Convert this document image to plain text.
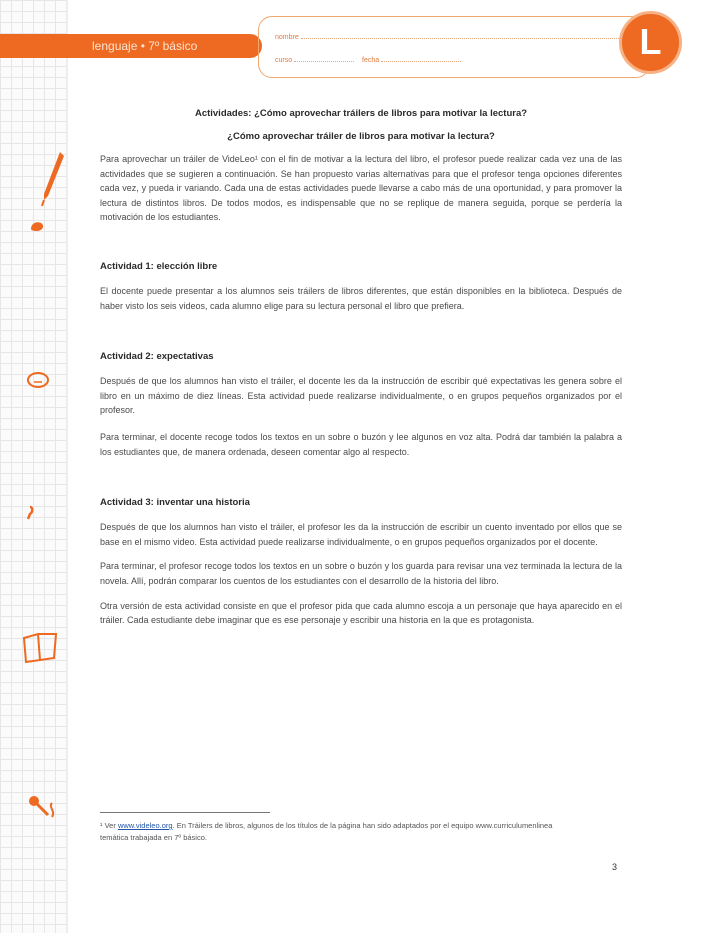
lenguaje • 7º básico
nombre
curso	fecha	L
Actividades: ¿Cómo aprovechar tráilers de libros para motivar la lectura?
¿Cómo aprovechar tráiler de libros para motivar la lectura?

Para aprovechar un tráiler de VideLeo¹ con el fin de motivar a la lectura del libro, el profesor puede realizar cada vez una de las actividades que se sugieren a continuación. Se han propuesto varias alternativas para que el profesor tenga opciones diferentes cada vez, y pueda ir variando. Cada una de estas actividades puede llevarse a cabo más de una oportunidad, y para promover la lectura de distintos libros. De todos modos, es indispensable que no se replique de manera seguida, porque se perdería la motivación de los estudiantes.

Actividad 1: elección libre

El docente puede presentar a los alumnos seis tráilers de libros diferentes, que están disponibles en la biblioteca. Después de haber visto los seis videos, cada alumno elige para su lectura personal el libro que prefiera.

Actividad 2: expectativas

Después de que los alumnos han visto el tráiler, el docente les da la instrucción de escribir qué expectativas les genera sobre el libro en un máximo de diez líneas. Esta actividad puede realizarse individualmente, o en grupos pequeños organizados por el profesor.

Para terminar, el docente recoge todos los textos en un sobre o buzón y lee algunos en voz alta. Podrá dar también la palabra a los estudiantes que, de manera ordenada, deseen comentar algo al respecto.

Actividad 3: inventar una historia

Después de que los alumnos han visto el tráiler, el profesor les da la instrucción de escribir un cuento inventado por ellos que se base en el mismo video. Esta actividad puede realizarse individualmente, o en grupos pequeños organizados por el docente.

Para terminar, el profesor recoge todos los textos en un sobre o buzón y los guarda para revisar una vez terminada la lectura de la novela. Allí, podrán comparar los cuentos de los estudiantes con el desarrollo de la historia del libro.

Otra versión de esta actividad consiste en que el profesor pida que cada alumno escoja a un personaje que haya aparecido en el tráiler. Cada estudiante debe imaginar que es ese personaje y escribir una historia en la que es protagonista.

¹ Ver www.videleo.org. En Tráilers de libros, algunos de los títulos de la página han sido adaptados por el equipo www.curriculumenlinea
temática trabajada en 7º básico.
3
